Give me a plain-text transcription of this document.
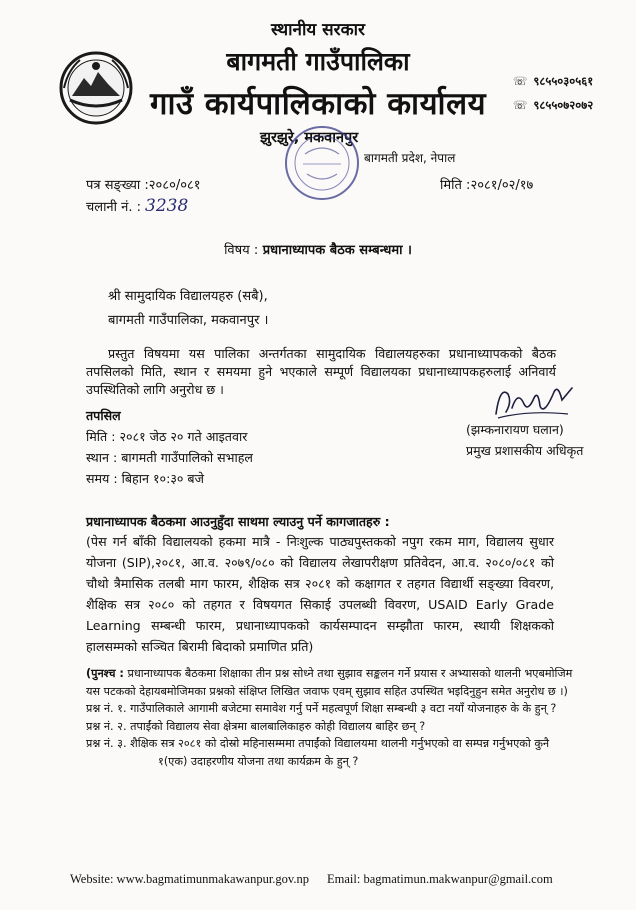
स्थानीय सरकार
बागमती गाउँपालिका
गाउँ कार्यपालिकाको कार्यालय
☏ ९८५५०३०५६१
☏ ९८५५०७२०७२
झुरझुरे, मकवानपुर
बागमती प्रदेश, नेपाल
पत्र सङ्ख्या :२०८०/०८१
चलानी नं. : 3238
मिति :२०८१/०२/१७
विषय : प्रधानाध्यापक बैठक सम्बन्धमा ।
श्री सामुदायिक विद्यालयहरु (सबै),
बागमती गाउँपालिका, मकवानपुर ।
प्रस्तुत विषयमा यस पालिका अन्तर्गतका सामुदायिक विद्यालयहरुका प्रधानाध्यापकको बैठक तपसिलको मिति, स्थान र समयमा हुने भएकाले सम्पूर्ण विद्यालयका प्रधानाध्यापकहरुलाई अनिवार्य उपस्थितिको लागि अनुरोध छ ।
तपसिल
मिति : २०८१ जेठ २० गते आइतवार
स्थान : बागमती गाउँपालिको सभाहल
समय : बिहान १०:३० बजे
(झम्कनारायण घलान)
प्रमुख प्रशासकीय अधिकृत
प्रधानाध्यापक बैठकमा आउनुहुँदा साथमा ल्याउनु पर्ने कागजातहरु :
(पेस गर्न बाँकी विद्यालयको हकमा मात्रै - निःशुल्क पाठ्यपुस्तकको नपुग रकम माग, विद्यालय सुधार योजना (SIP),२०८१, आ.व. २०७९/०८० को विद्यालय लेखापरीक्षण प्रतिवेदन, आ.व. २०८०/०८१ को चौथो त्रैमासिक तलबी माग फारम, शैक्षिक सत्र २०८१ को कक्षागत र तहगत विद्यार्थी सङ्ख्या विवरण, शैक्षिक सत्र २०८० को तहगत र विषयगत सिकाई उपलब्धी विवरण, USAID Early Grade Learning सम्बन्धी फारम, प्रधानाध्यापकको कार्यसम्पादन सम्झौता फारम, स्थायी शिक्षकको हालसम्मको सञ्चित बिरामी बिदाको प्रमाणित प्रति)
(पुनश्च : प्रधानाध्यापक बैठकमा शिक्षाका तीन प्रश्न सोध्ने तथा सुझाव सङ्कलन गर्ने प्रयास र अभ्यासको थालनी भएबमोजिम यस पटकको देहायबमोजिमका प्रश्नको संक्षिप्त लिखित जवाफ एवम् सुझाव सहित उपस्थित भइदिनुहुन समेत अनुरोध छ ।)
प्रश्न नं. १. गाउँपालिकाले आगामी बजेटमा समावेश गर्नु पर्ने महत्वपूर्ण शिक्षा सम्बन्धी ३ वटा नयाँ योजनाहरु के के हुन् ?
प्रश्न नं. २. तपाईंको विद्यालय सेवा क्षेत्रमा बालबालिकाहरु कोही विद्यालय बाहिर छन् ?
प्रश्न नं. ३. शैक्षिक सत्र २०८१ को दोस्रो महिनासम्ममा तपाईंको विद्यालयमा थालनी गर्नुभएको वा सम्पन्न गर्नुभएको कुनै
१(एक) उदाहरणीय योजना तथा कार्यक्रम के हुन् ?
Website: www.bagmatimunmakawanpur.gov.np Email: bagmatimun.makwanpur@gmail.com
